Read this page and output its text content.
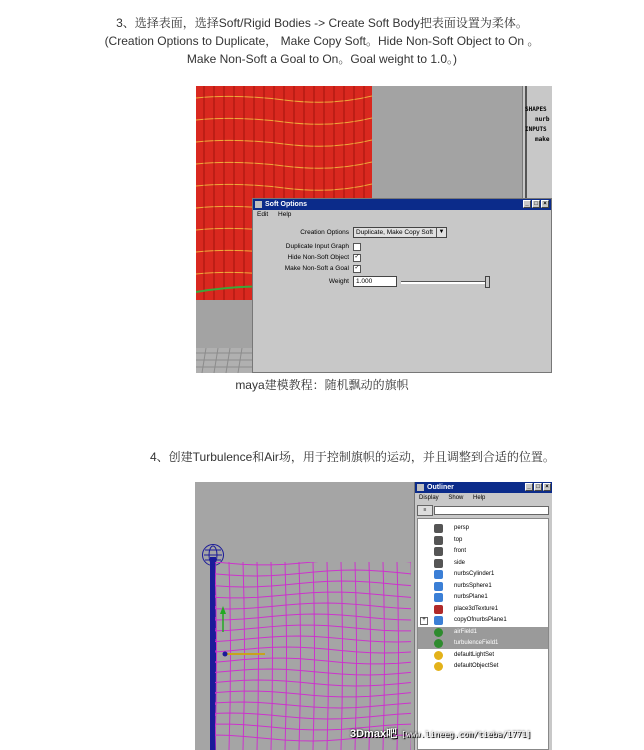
3、选择表面，选择Soft/Rigid Bodies -> Create Soft Body把表面设置为柔体。
(Creation Options to Duplicate， Make Copy Soft。Hide Non-Soft Object to On 。
Make Non-Soft a Goal to On。Goal weight to 1.0。)
SHAPES
nurb
INPUTS
make
Soft Options	_ □ ×
Edit Help
Creation Options	Duplicate, Make Copy Soft ▼
Duplicate Input Graph
Hide Non-Soft Object ✓
Make Non-Soft a Goal ✓
Weight	1.000
maya建模教程：随机飘动的旗帜
4、创建Turbulence和Air场，用于控制旗帜的运动，并且调整到合适的位置。
Outliner	_ □ ×
Display Show Help
≡
persp
top
front
side
nurbsCylinder1
nurbsSphere1
nurbsPlane1
place3dTexture1
+	copyOfnurbsPlane1
airField1
turbulenceField1
defaultLightSet
defaultObjectSet
3Dmax吧 [www.lineeg.com/tieba/1771]
